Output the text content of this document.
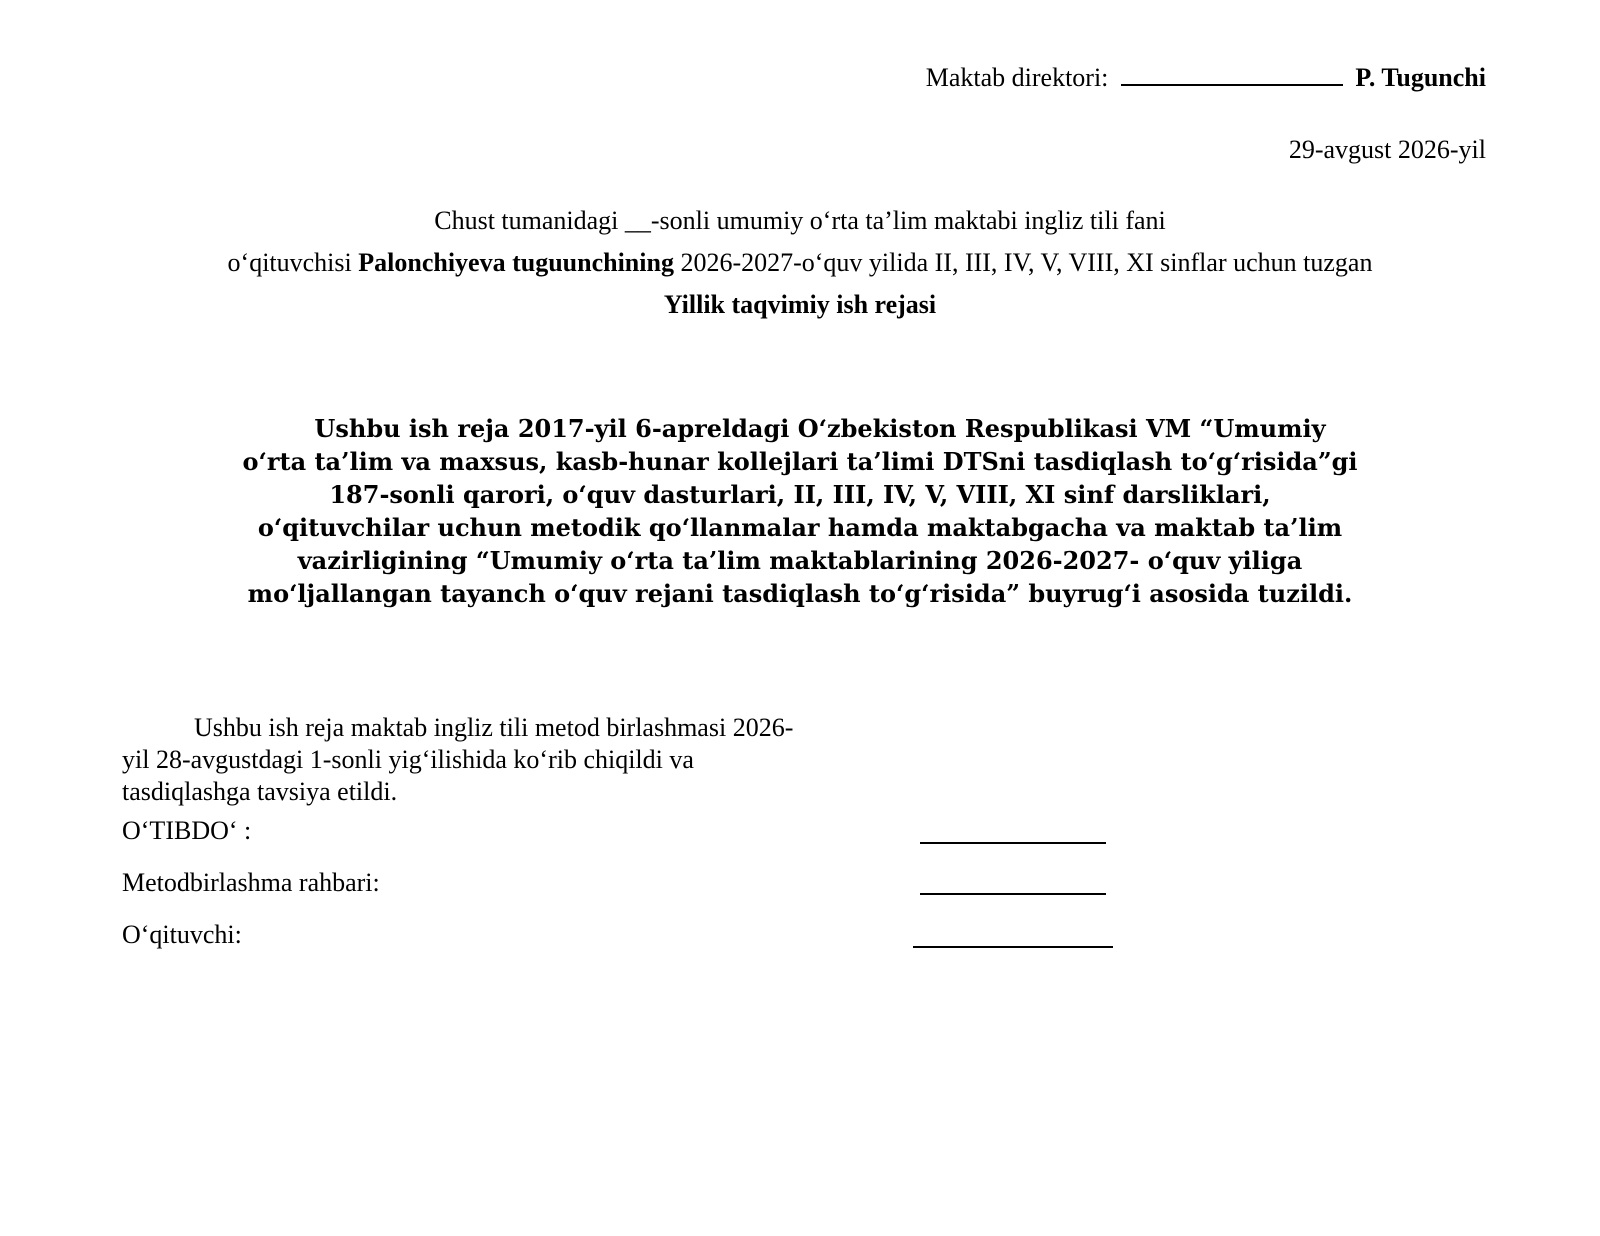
Maktab direktori:	P. Tugunchi
29-avgust 2026-yil
Chust tumanidagi __-sonli umumiy o‘rta ta’lim maktabi ingliz tili fani
o‘qituvchisi Palonchiyeva tuguunchining 2026-2027-o‘quv yilida II, III, IV, V, VIII, XI sinflar uchun tuzgan
Yillik taqvimiy ish rejasi
Ushbu ish reja 2017-yil 6-apreldagi O‘zbekiston Respublikasi VM “Umumiy
o‘rta ta’lim va maxsus, kasb-hunar kollejlari ta’limi DTSni tasdiqlash to‘g‘risida”gi
187-sonli qarori, o‘quv dasturlari, II, III, IV, V, VIII, XI sinf darsliklari,
o‘qituvchilar uchun metodik qo‘llanmalar hamda maktabgacha va maktab ta’lim
vazirligining “Umumiy o‘rta ta’lim maktablarining 2026-2027- o‘quv yiliga
mo‘ljallangan tayanch o‘quv rejani tasdiqlash to‘g‘risida” buyrug‘i asosida tuzildi.
Ushbu ish reja maktab ingliz tili metod birlashmasi 2026-
yil 28-avgustdagi 1-sonli yig‘ilishida ko‘rib chiqildi va
tasdiqlashga tavsiya etildi.
O‘TIBDO‘ :
Metodbirlashma rahbari:
O‘qituvchi:
